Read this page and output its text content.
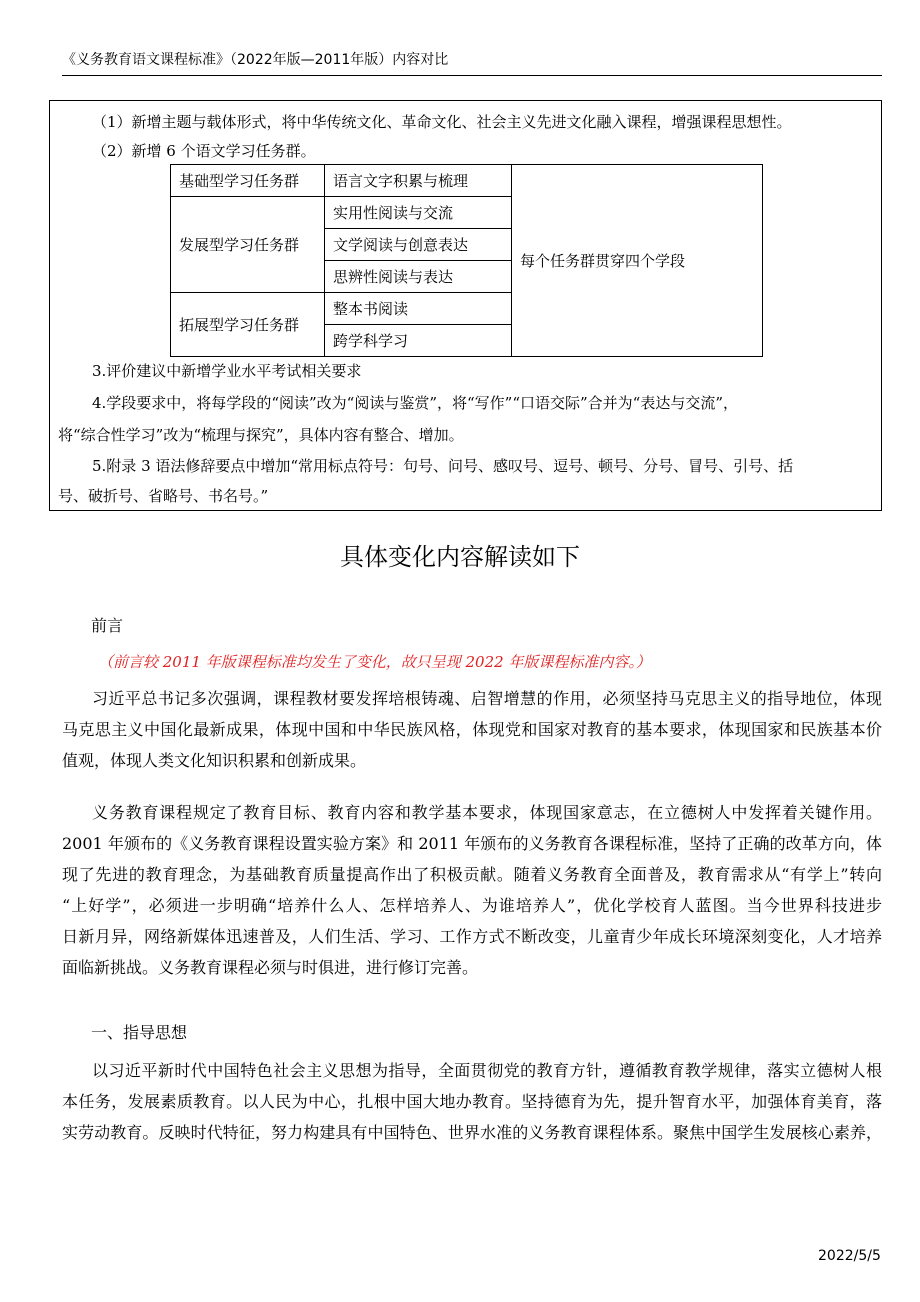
《义务教育语文课程标准》（2022年版—2011年版）内容对比
（1）新增主题与载体形式，将中华传统文化、革命文化、社会主义先进文化融入课程，增强课程思想性。
（2）新增 6 个语文学习任务群。
基础型学习任务群	语言文字积累与梳理	每个任务群贯穿四个学段
发展型学习任务群	实用性阅读与交流	
	文学阅读与创意表达	
	思辨性阅读与表达	
拓展型学习任务群	整本书阅读	
	跨学科学习	
3.评价建议中新增学业水平考试相关要求
4.学段要求中，将每学段的“阅读”改为“阅读与鉴赏”，将“写作”“口语交际”合并为“表达与交流”，
将“综合性学习”改为“梳理与探究”，具体内容有整合、增加。
5.附录 3 语法修辞要点中增加“常用标点符号：句号、问号、感叹号、逗号、顿号、分号、冒号、引号、括
号、破折号、省略号、书名号。”
具体变化内容解读如下
前言
（前言较 2011 年版课程标准均发生了变化，故只呈现 2022 年版课程标准内容。）
习近平总书记多次强调，课程教材要发挥培根铸魂、启智增慧的作用，必须坚持马克思主义的指导地位，体现
马克思主义中国化最新成果，体现中国和中华民族风格，体现党和国家对教育的基本要求，体现国家和民族基本价
值观，体现人类文化知识积累和创新成果。
义务教育课程规定了教育目标、教育内容和教学基本要求，体现国家意志，在立德树人中发挥着关键作用。
2001 年颁布的《义务教育课程设置实验方案》和 2011 年颁布的义务教育各课程标准，坚持了正确的改革方向，体
现了先进的教育理念，为基础教育质量提高作出了积极贡献。随着义务教育全面普及，教育需求从“有学上”转向
“上好学”，必须进一步明确“培养什么人、怎样培养人、为谁培养人”，优化学校育人蓝图。当今世界科技进步
日新月异，网络新媒体迅速普及，人们生活、学习、工作方式不断改变，儿童青少年成长环境深刻变化，人才培养
面临新挑战。义务教育课程必须与时俱进，进行修订完善。
一、指导思想
以习近平新时代中国特色社会主义思想为指导，全面贯彻党的教育方针，遵循教育教学规律，落实立德树人根
本任务，发展素质教育。以人民为中心，扎根中国大地办教育。坚持德育为先，提升智育水平，加强体育美育，落
实劳动教育。反映时代特征，努力构建具有中国特色、世界水准的义务教育课程体系。聚焦中国学生发展核心素养，
2022/5/5
